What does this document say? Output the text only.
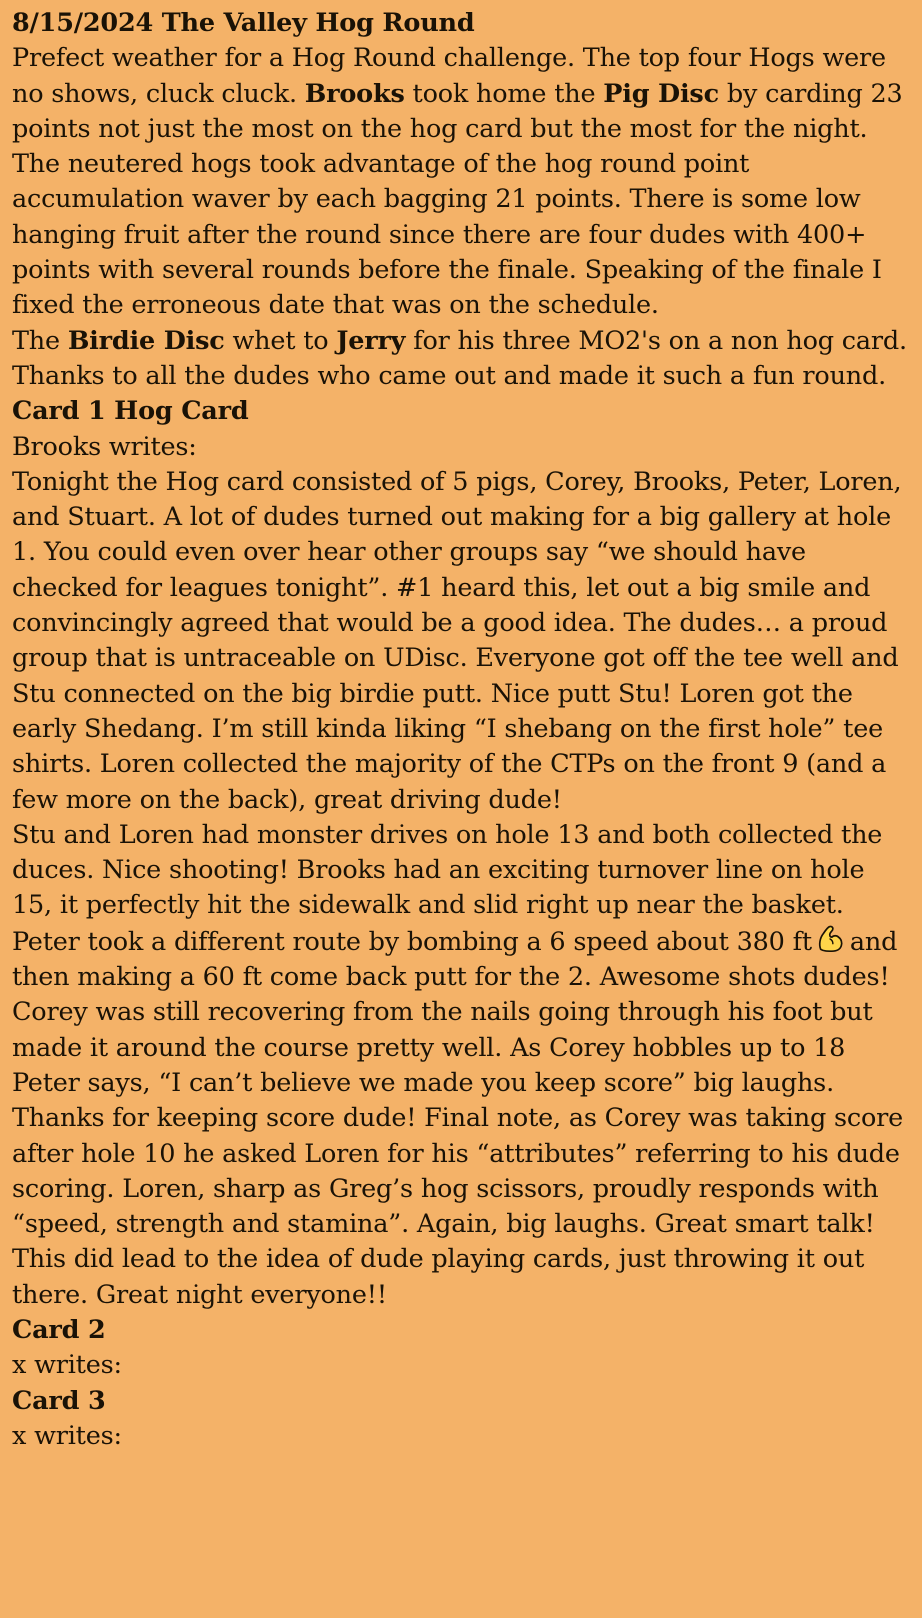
8/15/2024 The Valley Hog Round

Prefect weather for a Hog Round challenge. The top four Hogs were no shows, cluck cluck. Brooks took home the Pig Disc by carding 23 points not just the most on the hog card but the most for the night. The neutered hogs took advantage of the hog round point accumulation waver by each bagging 21 points. There is some low hanging fruit after the round since there are four dudes with 400+ points with several rounds before the finale. Speaking of the finale I fixed the erroneous date that was on the schedule.

The Birdie Disc whet to Jerry for his three MO2's on a non hog card. Thanks to all the dudes who came out and made it such a fun round.

Card 1 Hog Card

Brooks writes:

Tonight the Hog card consisted of 5 pigs, Corey, Brooks, Peter, Loren, and Stuart. A lot of dudes turned out making for a big gallery at hole 1. You could even over hear other groups say “we should have checked for leagues tonight”. #1 heard this, let out a big smile and convincingly agreed that would be a good idea. The dudes… a proud group that is untraceable on UDisc. Everyone got off the tee well and Stu connected on the big birdie putt. Nice putt Stu! Loren got the early Shedang. I’m still kinda liking “I shebang on the first hole” tee shirts. Loren collected the majority of the CTPs on the front 9 (and a few more on the back), great driving dude!

Stu and Loren had monster drives on hole 13 and both collected the duces. Nice shooting! Brooks had an exciting turnover line on hole 15, it perfectly hit the sidewalk and slid right up near the basket. Peter took a different route by bombing a 6 speed about 380 ft and then making a 60 ft come back putt for the 2. Awesome shots dudes! Corey was still recovering from the nails going through his foot but made it around the course pretty well. As Corey hobbles up to 18 Peter says, “I can’t believe we made you keep score” big laughs. Thanks for keeping score dude! Final note, as Corey was taking score after hole 10 he asked Loren for his “attributes” referring to his dude scoring. Loren, sharp as Greg’s hog scissors, proudly responds with “speed, strength and stamina”. Again, big laughs. Great smart talk! This did lead to the idea of dude playing cards, just throwing it out there. Great night everyone!!

Card 2

x writes:

Card 3

x writes:
